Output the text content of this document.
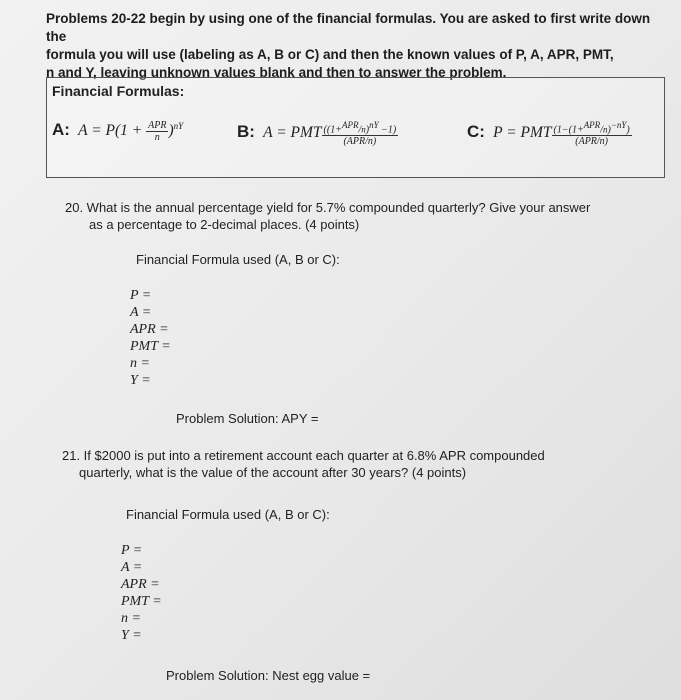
Problems 20-22 begin by using one of the financial formulas. You are asked to first write down the
formula you will use (labeling as A, B or C) and then the known values of P, A, APR, PMT,
n and Y, leaving unknown values blank and then to answer the problem.
Financial Formulas:
A: $A = P(1 + \frac{\text{APR}}{n} )^{nY}$	B: A = PMT $\frac{((1+^{APR}/n)^{nY} -1)}{\text{(APR/n)}}$	C: P = PMT $\frac{(1-(1+^{APR}/n)^{-nY})}{\text{(APR/n)}}$
20. What is the annual percentage yield for 5.7% compounded quarterly? Give your answer
as a percentage to 2-decimal places. (4 points)
Financial Formula used (A, B or C):
P =
A =
APR =
PMT =
n =
Y =
Problem Solution: APY =
21. If $2000 is put into a retirement account each quarter at 6.8% APR compounded
quarterly, what is the value of the account after 30 years? (4 points)
Financial Formula used (A, B or C):
P =
A =
APR =
PMT =
n =
Y =
Problem Solution: Nest egg value =
